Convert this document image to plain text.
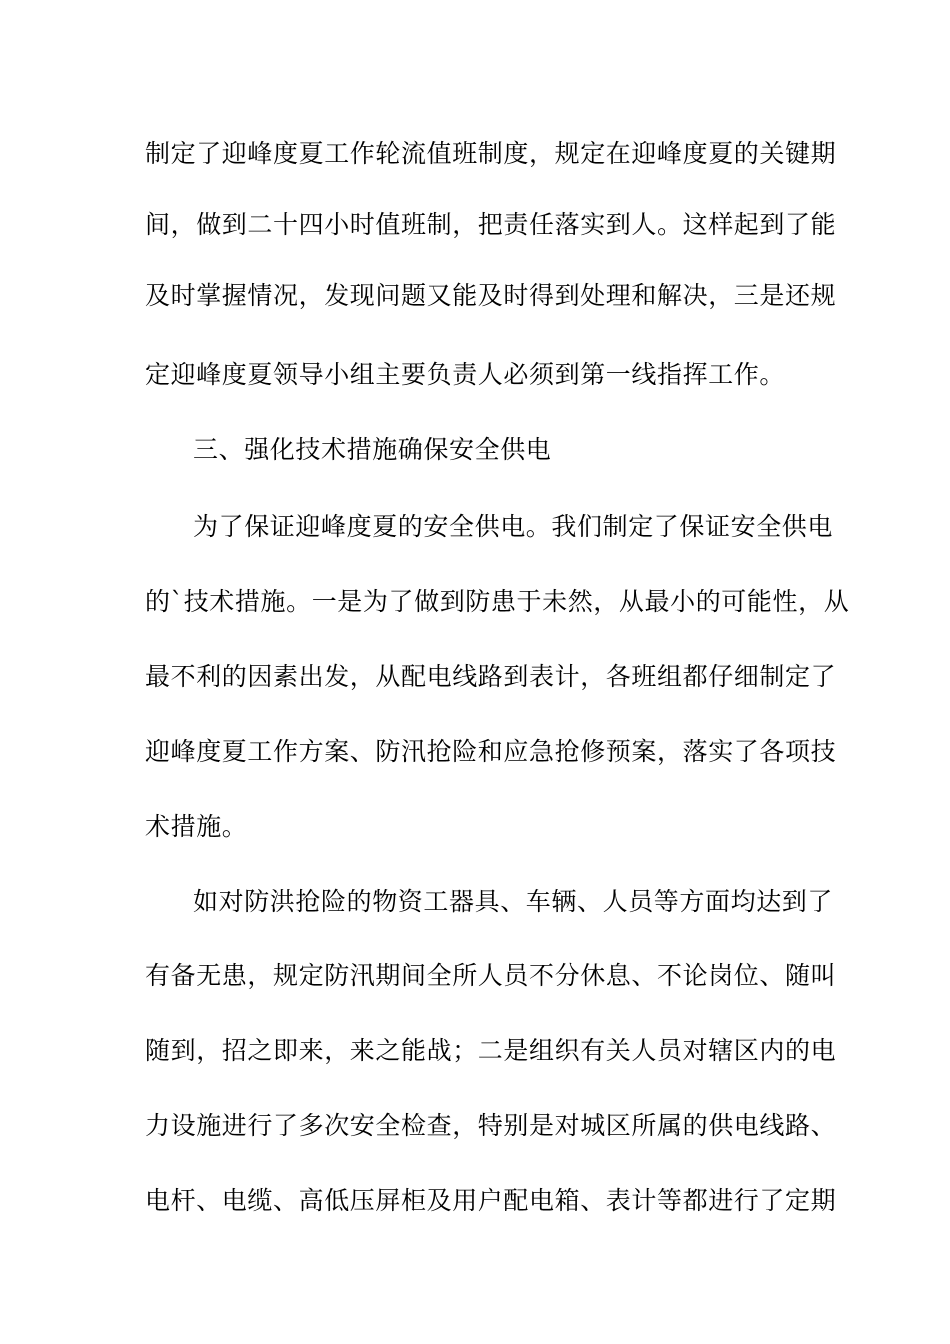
制定了迎峰度夏工作轮流值班制度，规定在迎峰度夏的关键期
间，做到二十四小时值班制，把责任落实到人。这样起到了能
及时掌握情况，发现问题又能及时得到处理和解决，三是还规
定迎峰度夏领导小组主要负责人必须到第一线指挥工作。
三、强化技术措施确保安全供电
为了保证迎峰度夏的安全供电。我们制定了保证安全供电
的`技术措施。一是为了做到防患于未然，从最小的可能性，从
最不利的因素出发，从配电线路到表计，各班组都仔细制定了
迎峰度夏工作方案、防汛抢险和应急抢修预案，落实了各项技
术措施。
如对防洪抢险的物资工器具、车辆、人员等方面均达到了
有备无患，规定防汛期间全所人员不分休息、不论岗位、随叫
随到，招之即来，来之能战；二是组织有关人员对辖区内的电
力设施进行了多次安全检查，特别是对城区所属的供电线路、
电杆、电缆、高低压屏柜及用户配电箱、表计等都进行了定期
